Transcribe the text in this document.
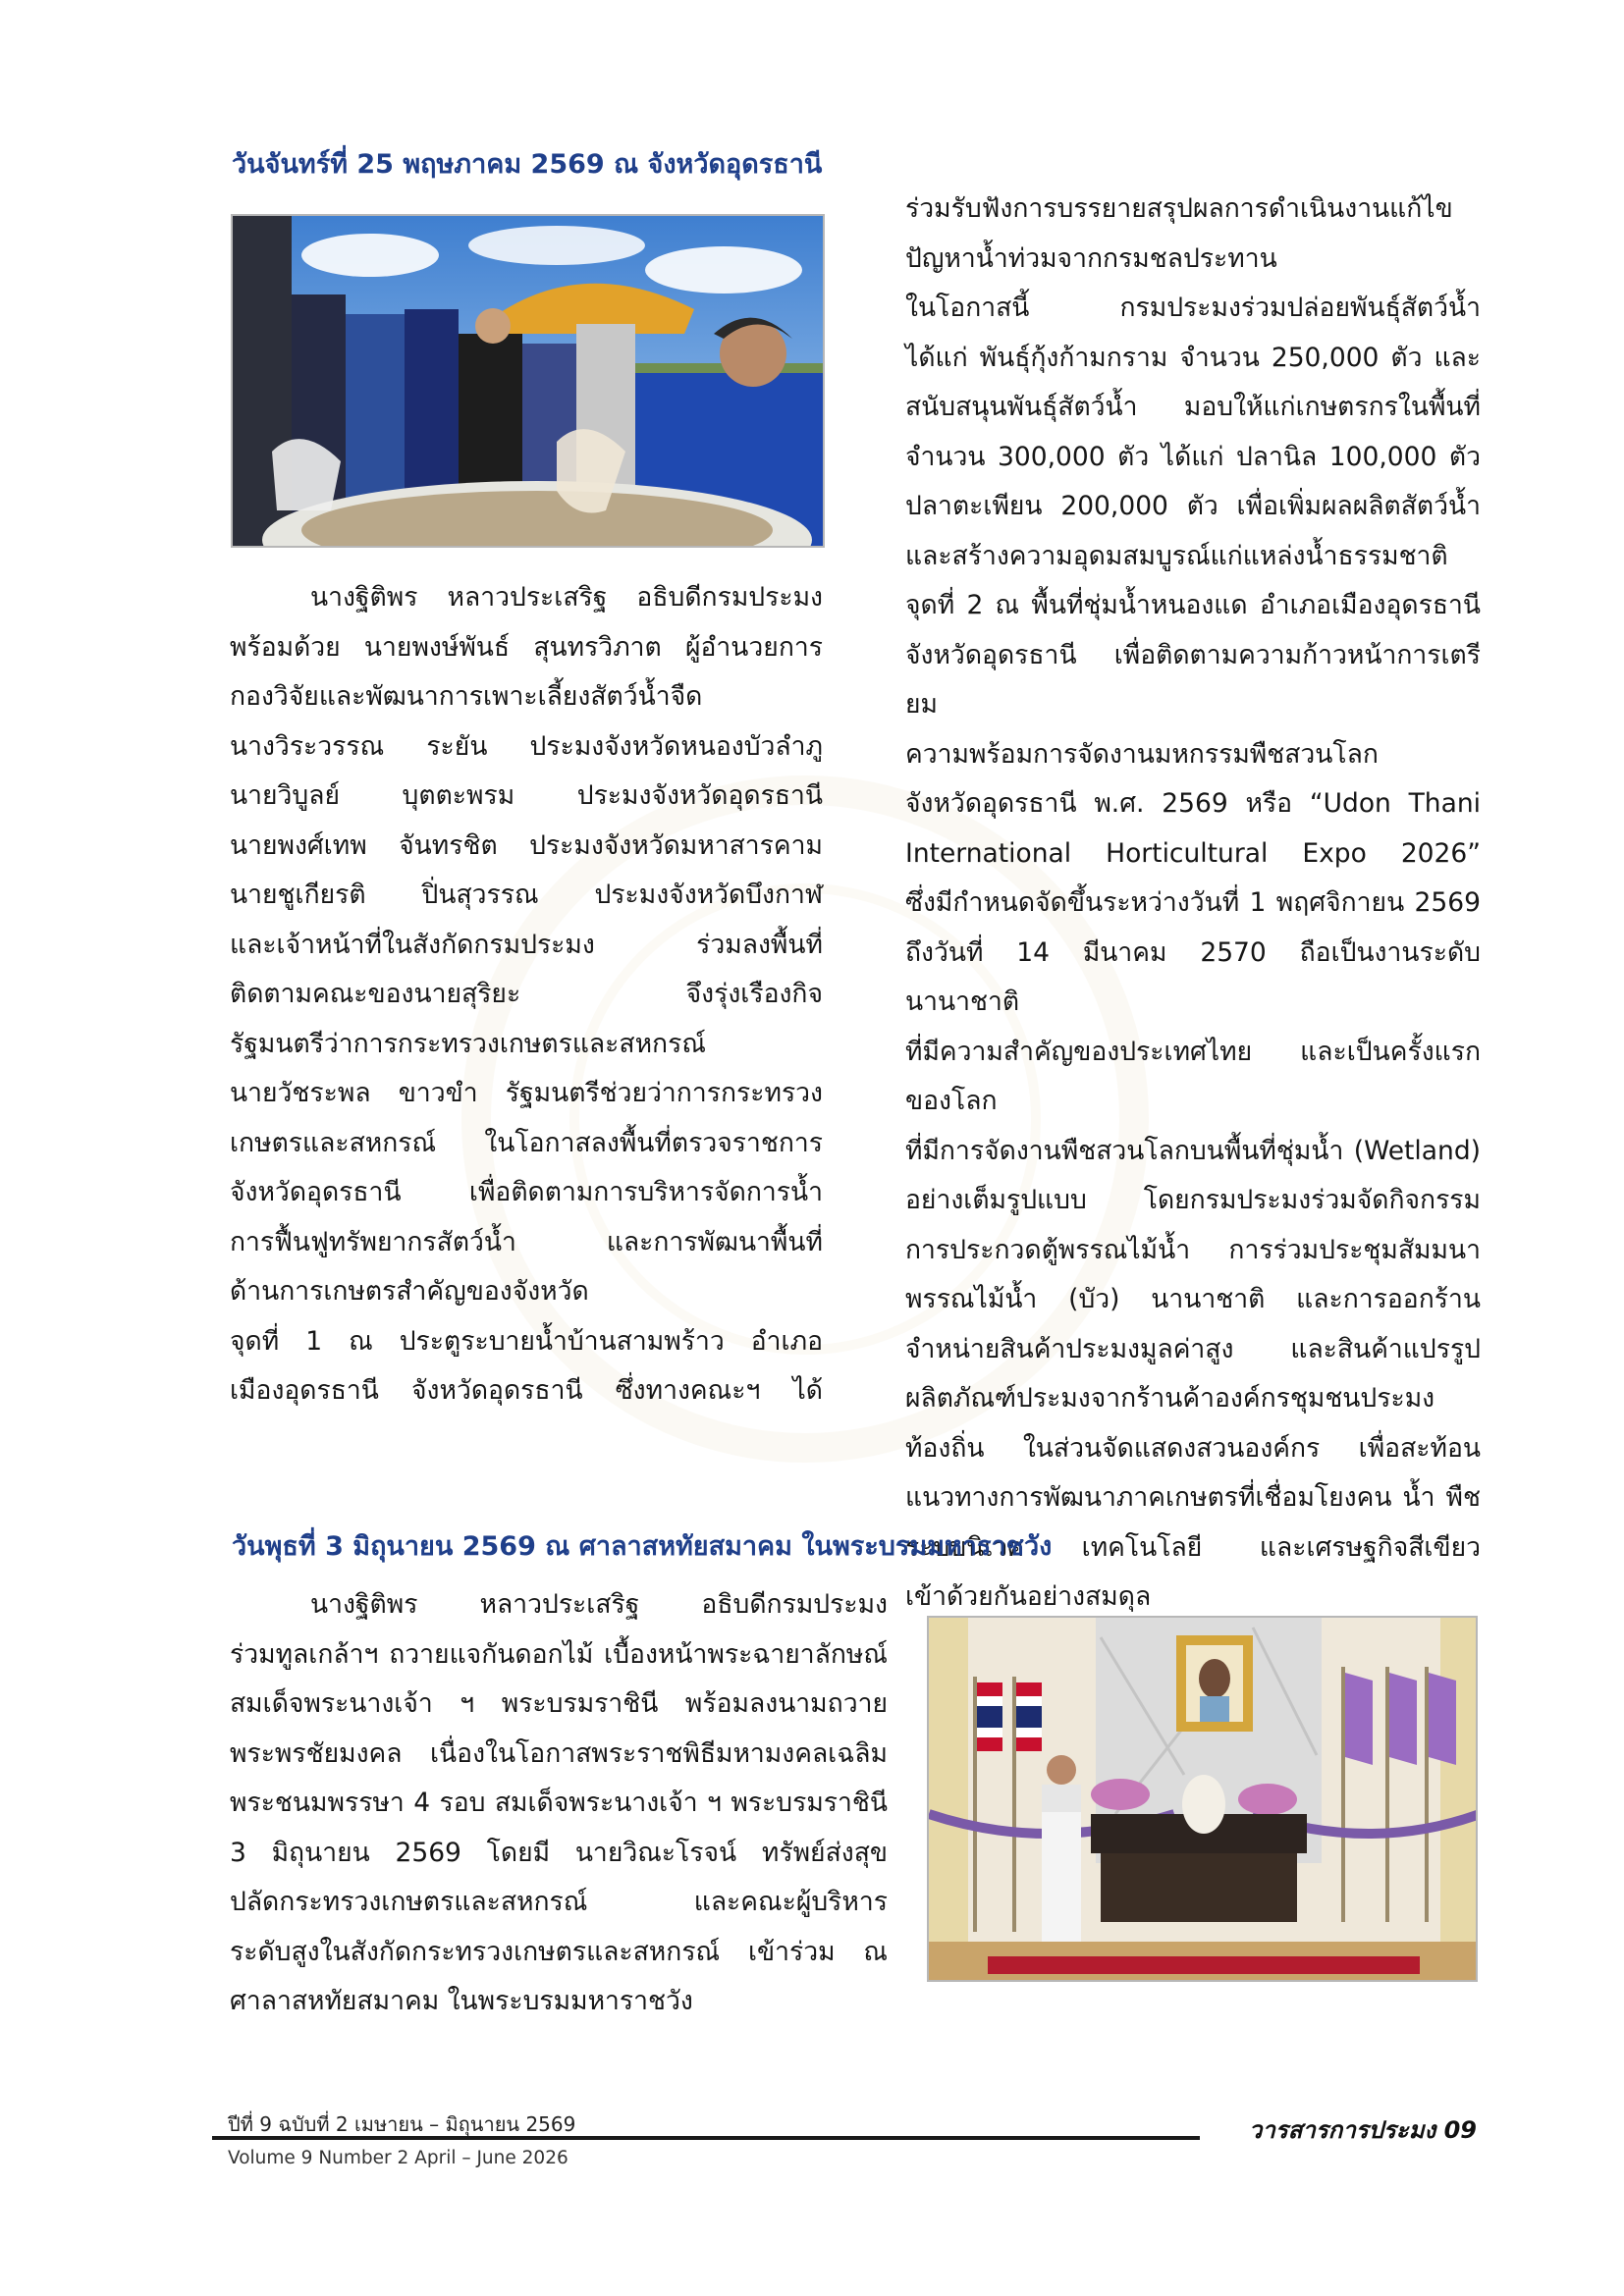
วันจันทร์ที่ 25 พฤษภาคม 2569 ณ จังหวัดอุดรธานี

นางฐิติพร หลาวประเสริฐ อธิบดีกรมประมง

พร้อมด้วย นายพงษ์พันธ์ สุนทรวิภาต ผู้อำนวยการ

กองวิจัยและพัฒนาการเพาะเลี้ยงสัตว์น้ำจืด

นางวิระวรรณ ระยัน ประมงจังหวัดหนองบัวลำภู

นายวิบูลย์ บุตตะพรม ประมงจังหวัดอุดรธานี

นายพงศ์เทพ จันทรชิต ประมงจังหวัดมหาสารคาม

นายชูเกียรติ ปิ่นสุวรรณ ประมงจังหวัดบึงกาฬ

และเจ้าหน้าที่ในสังกัดกรมประมง ร่วมลงพื้นที่

ติดตามคณะของนายสุริยะ จึงรุ่งเรืองกิจ

รัฐมนตรีว่าการกระทรวงเกษตรและสหกรณ์

นายวัชระพล ขาวขำ รัฐมนตรีช่วยว่าการกระทรวง

เกษตรและสหกรณ์ ในโอกาสลงพื้นที่ตรวจราชการ

จังหวัดอุดรธานี เพื่อติดตามการบริหารจัดการน้ำ

การฟื้นฟูทรัพยากรสัตว์น้ำ และการพัฒนาพื้นที่

ด้านการเกษตรสำคัญของจังหวัด

จุดที่ 1 ณ ประตูระบายน้ำบ้านสามพร้าว อำเภอ

เมืองอุดรธานี จังหวัดอุดรธานี ซึ่งทางคณะฯ ได้

ร่วมรับฟังการบรรยายสรุปผลการดำเนินงานแก้ไข

ปัญหาน้ำท่วมจากกรมชลประทาน

ในโอกาสนี้ กรมประมงร่วมปล่อยพันธุ์สัตว์น้ำ

ได้แก่ พันธุ์กุ้งก้ามกราม จำนวน 250,000 ตัว และ

สนับสนุนพันธุ์สัตว์น้ำ มอบให้แก่เกษตรกรในพื้นที่

จำนวน 300,000 ตัว ได้แก่ ปลานิล 100,000 ตัว

ปลาตะเพียน 200,000 ตัว เพื่อเพิ่มผลผลิตสัตว์น้ำ

และสร้างความอุดมสมบูรณ์แก่แหล่งน้ำธรรมชาติ

จุดที่ 2 ณ พื้นที่ชุ่มน้ำหนองแด อำเภอเมืองอุดรธานี

จังหวัดอุดรธานี เพื่อติดตามความก้าวหน้าการเตรียม

ความพร้อมการจัดงานมหกรรมพืชสวนโลก

จังหวัดอุดรธานี พ.ศ. 2569 หรือ “Udon Thani

International Horticultural Expo 2026”

ซึ่งมีกำหนดจัดขึ้นระหว่างวันที่ 1 พฤศจิกายน 2569

ถึงวันที่ 14 มีนาคม 2570 ถือเป็นงานระดับนานาชาติ

ที่มีความสำคัญของประเทศไทย และเป็นครั้งแรกของโลก

ที่มีการจัดงานพืชสวนโลกบนพื้นที่ชุ่มน้ำ (Wetland)

อย่างเต็มรูปแบบ โดยกรมประมงร่วมจัดกิจกรรม

การประกวดตู้พรรณไม้น้ำ การร่วมประชุมสัมมนา

พรรณไม้น้ำ (บัว) นานาชาติ และการออกร้าน

จำหน่ายสินค้าประมงมูลค่าสูง และสินค้าแปรรูป

ผลิตภัณฑ์ประมงจากร้านค้าองค์กรชุมชนประมง

ท้องถิ่น ในส่วนจัดแสดงสวนองค์กร เพื่อสะท้อน

แนวทางการพัฒนาภาคเกษตรที่เชื่อมโยงคน น้ำ พืช

ระบบนิเวศ เทคโนโลยี และเศรษฐกิจสีเขียว

เข้าด้วยกันอย่างสมดุล

วันพุธที่ 3 มิถุนายน 2569 ณ ศาลาสหทัยสมาคม ในพระบรมมหาราชวัง

นางฐิติพร หลาวประเสริฐ อธิบดีกรมประมง

ร่วมทูลเกล้าฯ ถวายแจกันดอกไม้ เบื้องหน้าพระฉายาลักษณ์

สมเด็จพระนางเจ้า ฯ พระบรมราชินี พร้อมลงนามถวาย

พระพรชัยมงคล เนื่องในโอกาสพระราชพิธีมหามงคลเฉลิม

พระชนมพรรษา 4 รอบ สมเด็จพระนางเจ้า ฯ พระบรมราชินี

3 มิถุนายน 2569 โดยมี นายวิณะโรจน์ ทรัพย์ส่งสุข

ปลัดกระทรวงเกษตรและสหกรณ์ และคณะผู้บริหาร

ระดับสูงในสังกัดกระทรวงเกษตรและสหกรณ์ เข้าร่วม ณ

ศาลาสหทัยสมาคม ในพระบรมมหาราชวัง

ปีที่ 9 ฉบับที่ 2 เมษายน – มิถุนายน 2569
Volume 9 Number 2 April – June 2026
วารสารการประมง 09
